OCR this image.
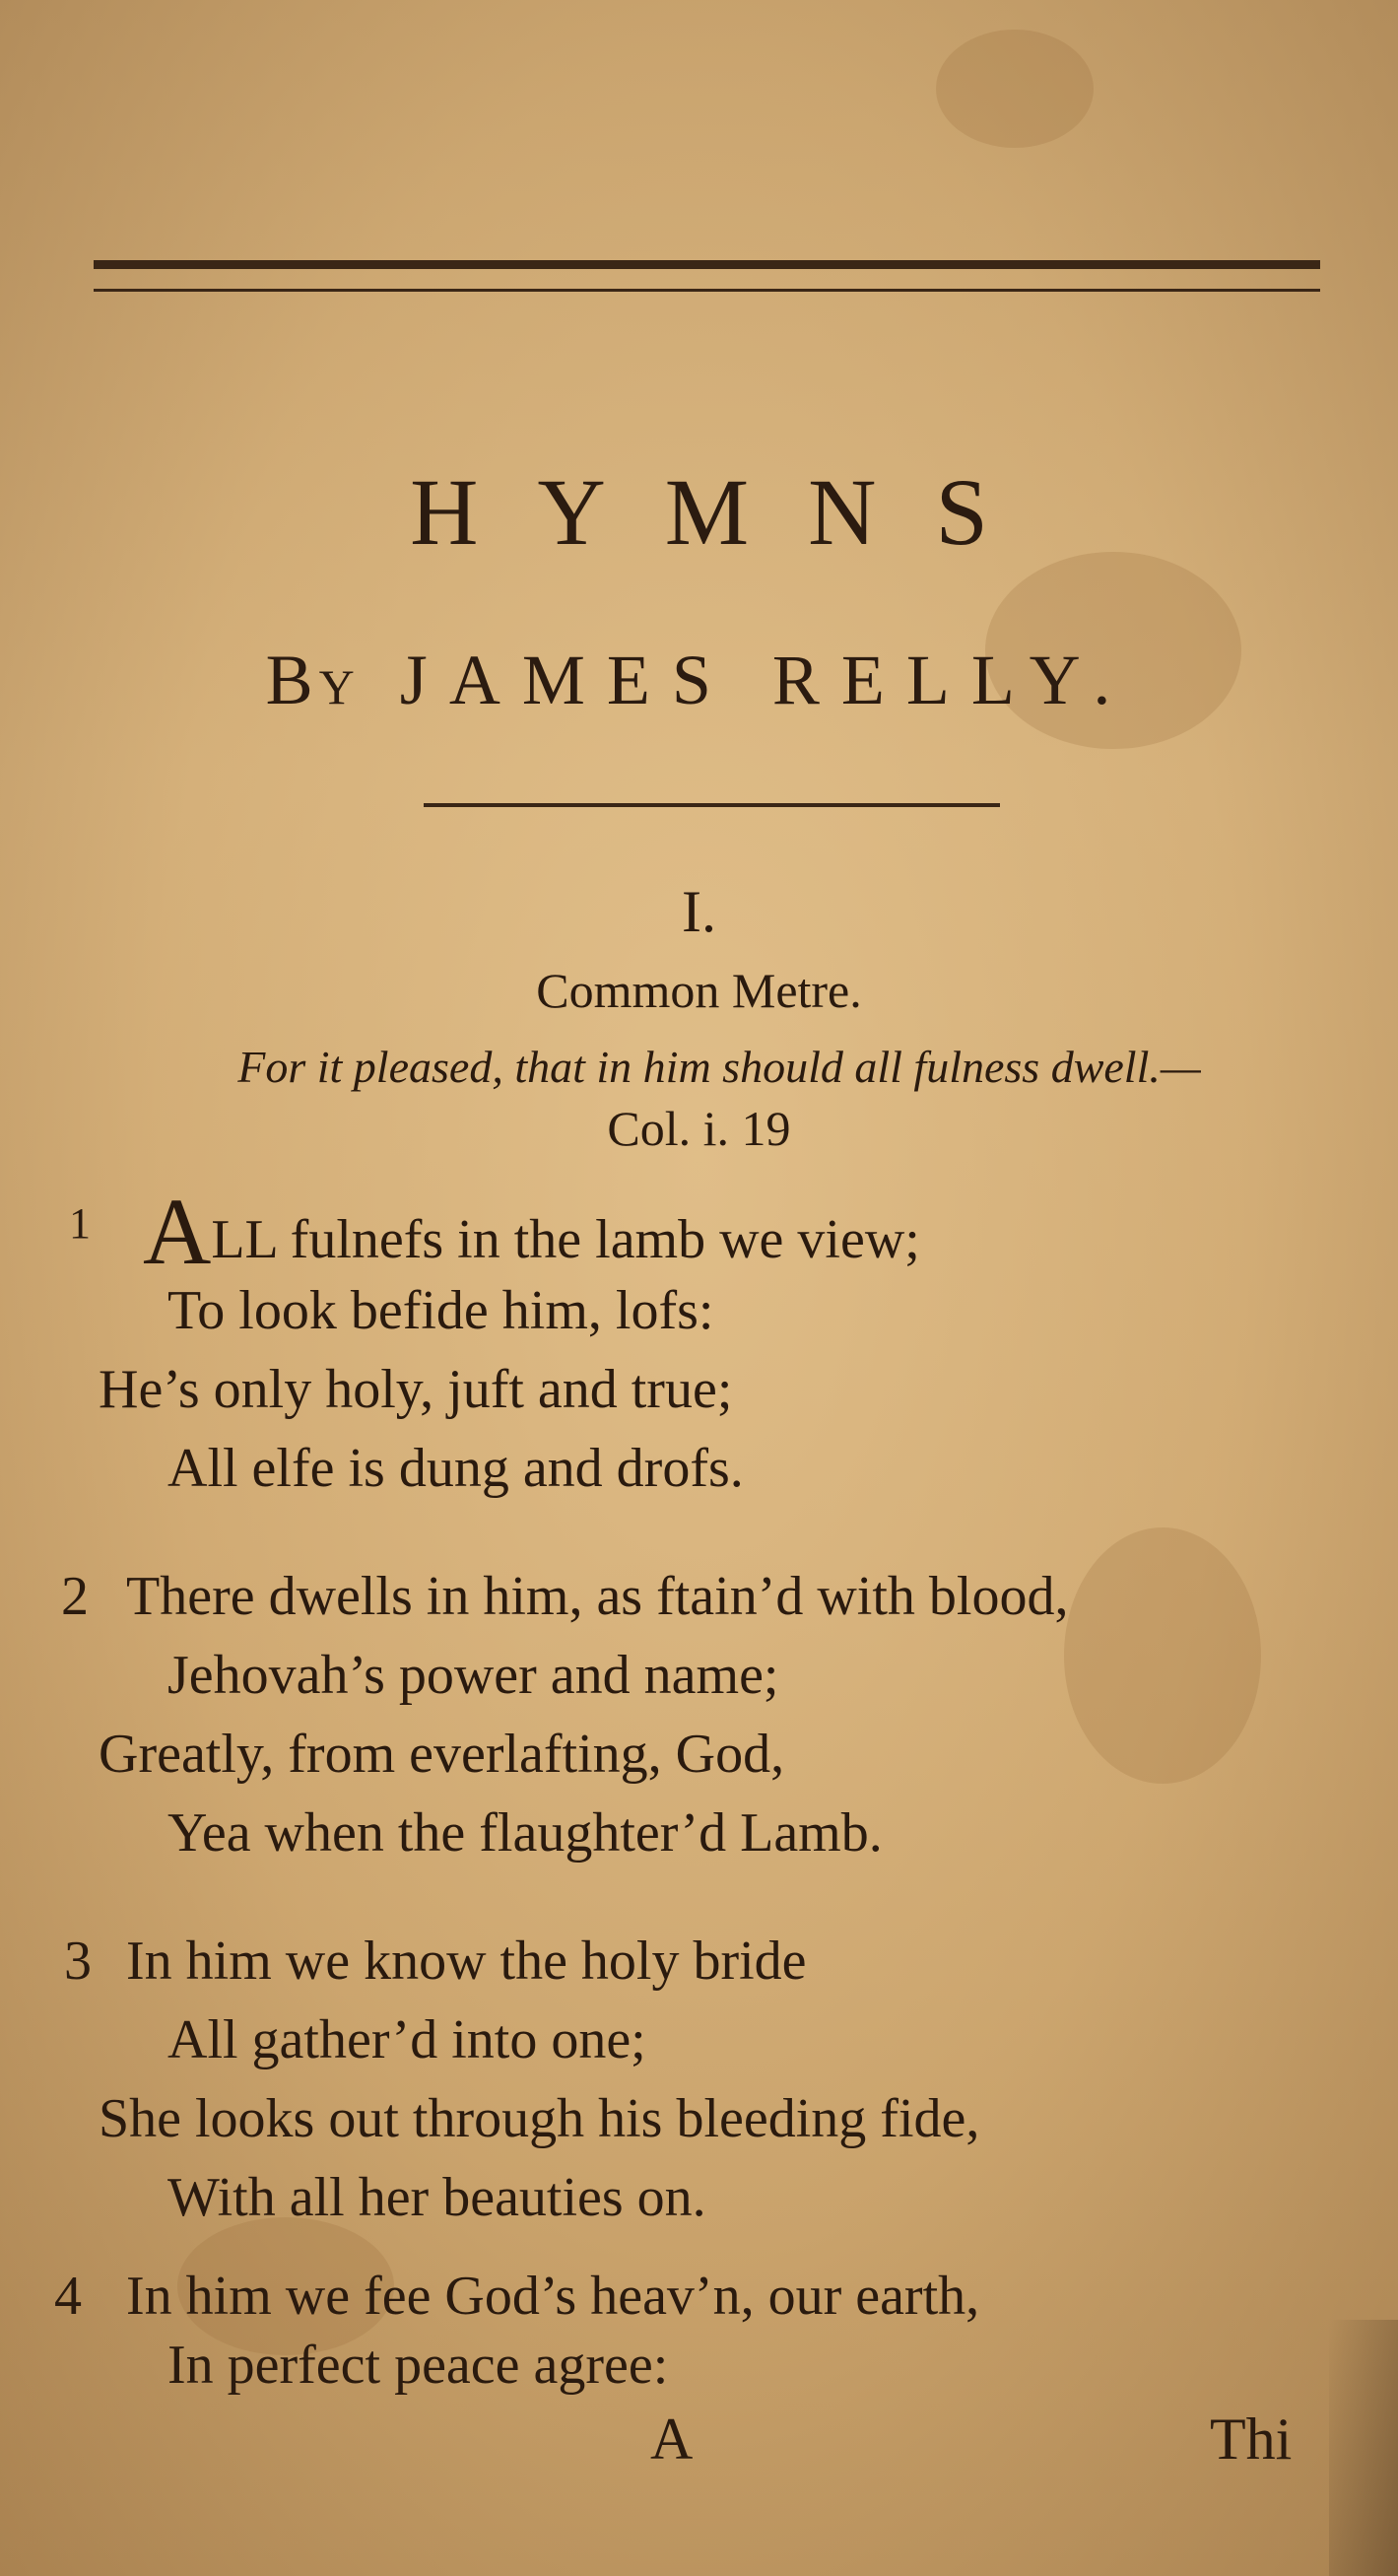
HYMNS
By JAMES RELLY.
I.
Common Metre.
For it pleased, that in him should all fulness dwell.—
Col. i. 19
1 ALL fulnefs in the lamb we view;
To look befide him, lofs:
He’s only holy, juft and true;
All elfe is dung and drofs.
2 There dwells in him, as ftain’d with blood,
Jehovah’s power and name;
Greatly, from everlafting, God,
Yea when the flaughter’d Lamb.
3 In him we know the holy bride
All gather’d into one;
She looks out through his bleeding fide,
With all her beauties on.
4 In him we fee God’s heav’n, our earth,
In perfect peace agree:
A	Thi
